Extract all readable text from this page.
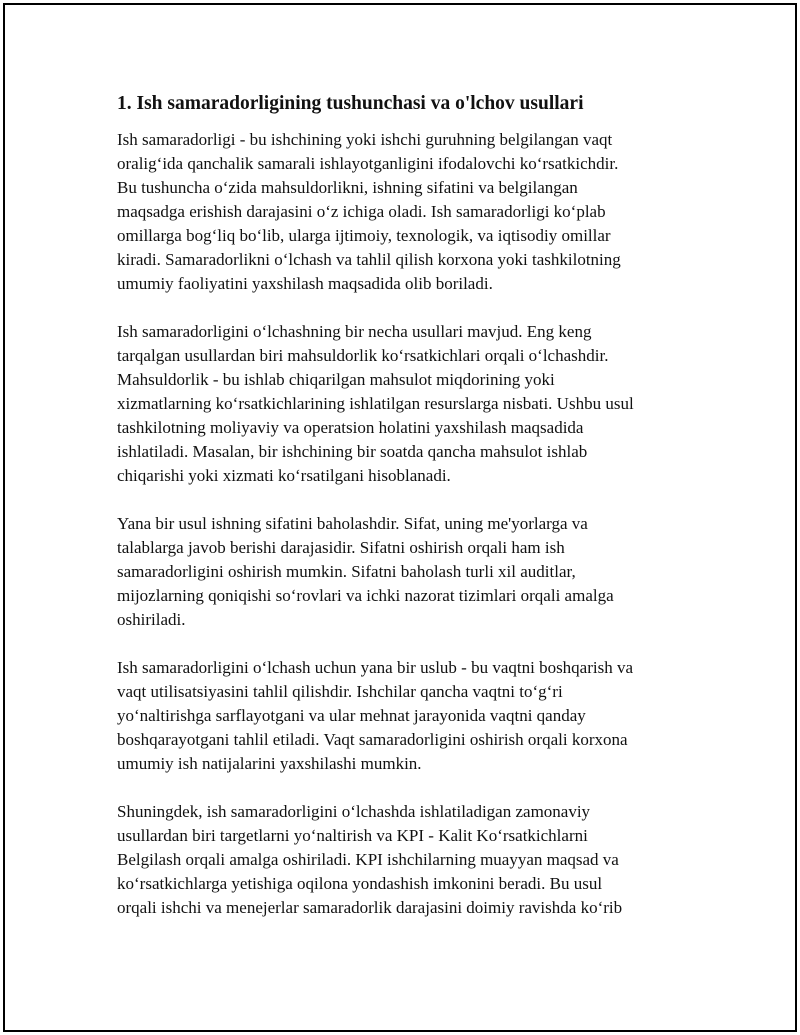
1. Ish samaradorligining tushunchasi va o'lchov usullari
Ish samaradorligi - bu ishchining yoki ishchi guruhning belgilangan vaqt
oralig‘ida qanchalik samarali ishlayotganligini ifodalovchi ko‘rsatkichdir.
Bu tushuncha o‘zida mahsuldorlikni, ishning sifatini va belgilangan
maqsadga erishish darajasini o‘z ichiga oladi. Ish samaradorligi ko‘plab
omillarga bog‘liq bo‘lib, ularga ijtimoiy, texnologik, va iqtisodiy omillar
kiradi. Samaradorlikni o‘lchash va tahlil qilish korxona yoki tashkilotning
umumiy faoliyatini yaxshilash maqsadida olib boriladi.
Ish samaradorligini o‘lchashning bir necha usullari mavjud. Eng keng
tarqalgan usullardan biri mahsuldorlik ko‘rsatkichlari orqali o‘lchashdir.
Mahsuldorlik - bu ishlab chiqarilgan mahsulot miqdorining yoki
xizmatlarning ko‘rsatkichlarining ishlatilgan resurslarga nisbati. Ushbu usul
tashkilotning moliyaviy va operatsion holatini yaxshilash maqsadida
ishlatiladi. Masalan, bir ishchining bir soatda qancha mahsulot ishlab
chiqarishi yoki xizmati ko‘rsatilgani hisoblanadi.
Yana bir usul ishning sifatini baholashdir. Sifat, uning me'yorlarga va
talablarga javob berishi darajasidir. Sifatni oshirish orqali ham ish
samaradorligini oshirish mumkin. Sifatni baholash turli xil auditlar,
mijozlarning qoniqishi so‘rovlari va ichki nazorat tizimlari orqali amalga
oshiriladi.
Ish samaradorligini o‘lchash uchun yana bir uslub - bu vaqtni boshqarish va
vaqt utilisatsiyasini tahlil qilishdir. Ishchilar qancha vaqtni to‘g‘ri
yo‘naltirishga sarflayotgani va ular mehnat jarayonida vaqtni qanday
boshqarayotgani tahlil etiladi. Vaqt samaradorligini oshirish orqali korxona
umumiy ish natijalarini yaxshilashi mumkin.
Shuningdek, ish samaradorligini o‘lchashda ishlatiladigan zamonaviy
usullardan biri targetlarni yo‘naltirish va KPI - Kalit Ko‘rsatkichlarni
Belgilash orqali amalga oshiriladi. KPI ishchilarning muayyan maqsad va
ko‘rsatkichlarga yetishiga oqilona yondashish imkonini beradi. Bu usul
orqali ishchi va menejerlar samaradorlik darajasini doimiy ravishda ko‘rib
